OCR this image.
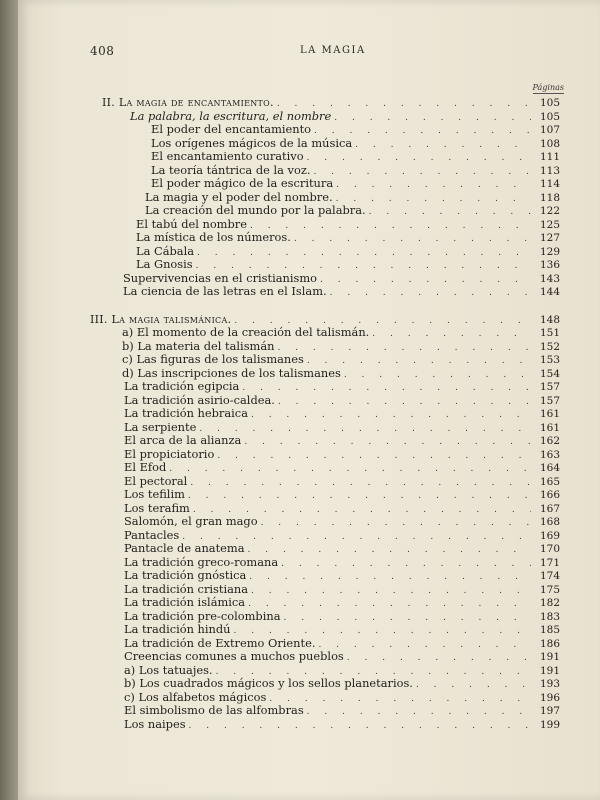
408	LA MAGIA
Páginas
II. La magia de encantamiento. . . .	105
La palabra, la escritura, el nombre . . .	105
El poder del encantamiento . . .	107
Los orígenes mágicos de la música . . .	108
El encantamiento curativo . . .	111
La teoría tántrica de la voz. . . .	113
El poder mágico de la escritura . . .	114
La magia y el poder del nombre. . . .	118
La creación del mundo por la palabra. . . .	122
El tabú del nombre . . .	125
La mística de los números. . . .	127
La Cábala . . .	129
La Gnosis . . .	136
Supervivencias en el cristianismo . . .	143
La ciencia de las letras en el Islam. . . .	144
III. La magia talismánica. . . .	148
a) El momento de la creación del talismán. . . .	151
b) La materia del talismán . . .	152
c) Las figuras de los talismanes . . .	153
d) Las inscripciones de los talismanes . . .	154
La tradición egipcia . . .	157
La tradición asirio-caldea. . . .	157
La tradición hebraica . . .	161
La serpiente . . .	161
El arca de la alianza . . .	162
El propiciatorio . . .	163
El Efod . . .	164
El pectoral . . .	165
Los tefilim . . .	166
Los terafim . . .	167
Salomón, el gran mago . . .	168
Pantacles . . .	169
Pantacle de anatema . . .	170
La tradición greco-romana . . .	171
La tradición gnóstica . . .	174
La tradición cristiana . . .	175
La tradición islámica . . .	182
La tradición pre-colombina . . .	183
La tradición hindú . . .	185
La tradición de Extremo Oriente. . . .	186
Creencias comunes a muchos pueblos . . .	191
a) Los tatuajes. . . .	191
b) Los cuadrados mágicos y los sellos planetarios. . . .	193
c) Los alfabetos mágicos . . .	196
El simbolismo de las alfombras . . .	197
Los naipes . . .	199
